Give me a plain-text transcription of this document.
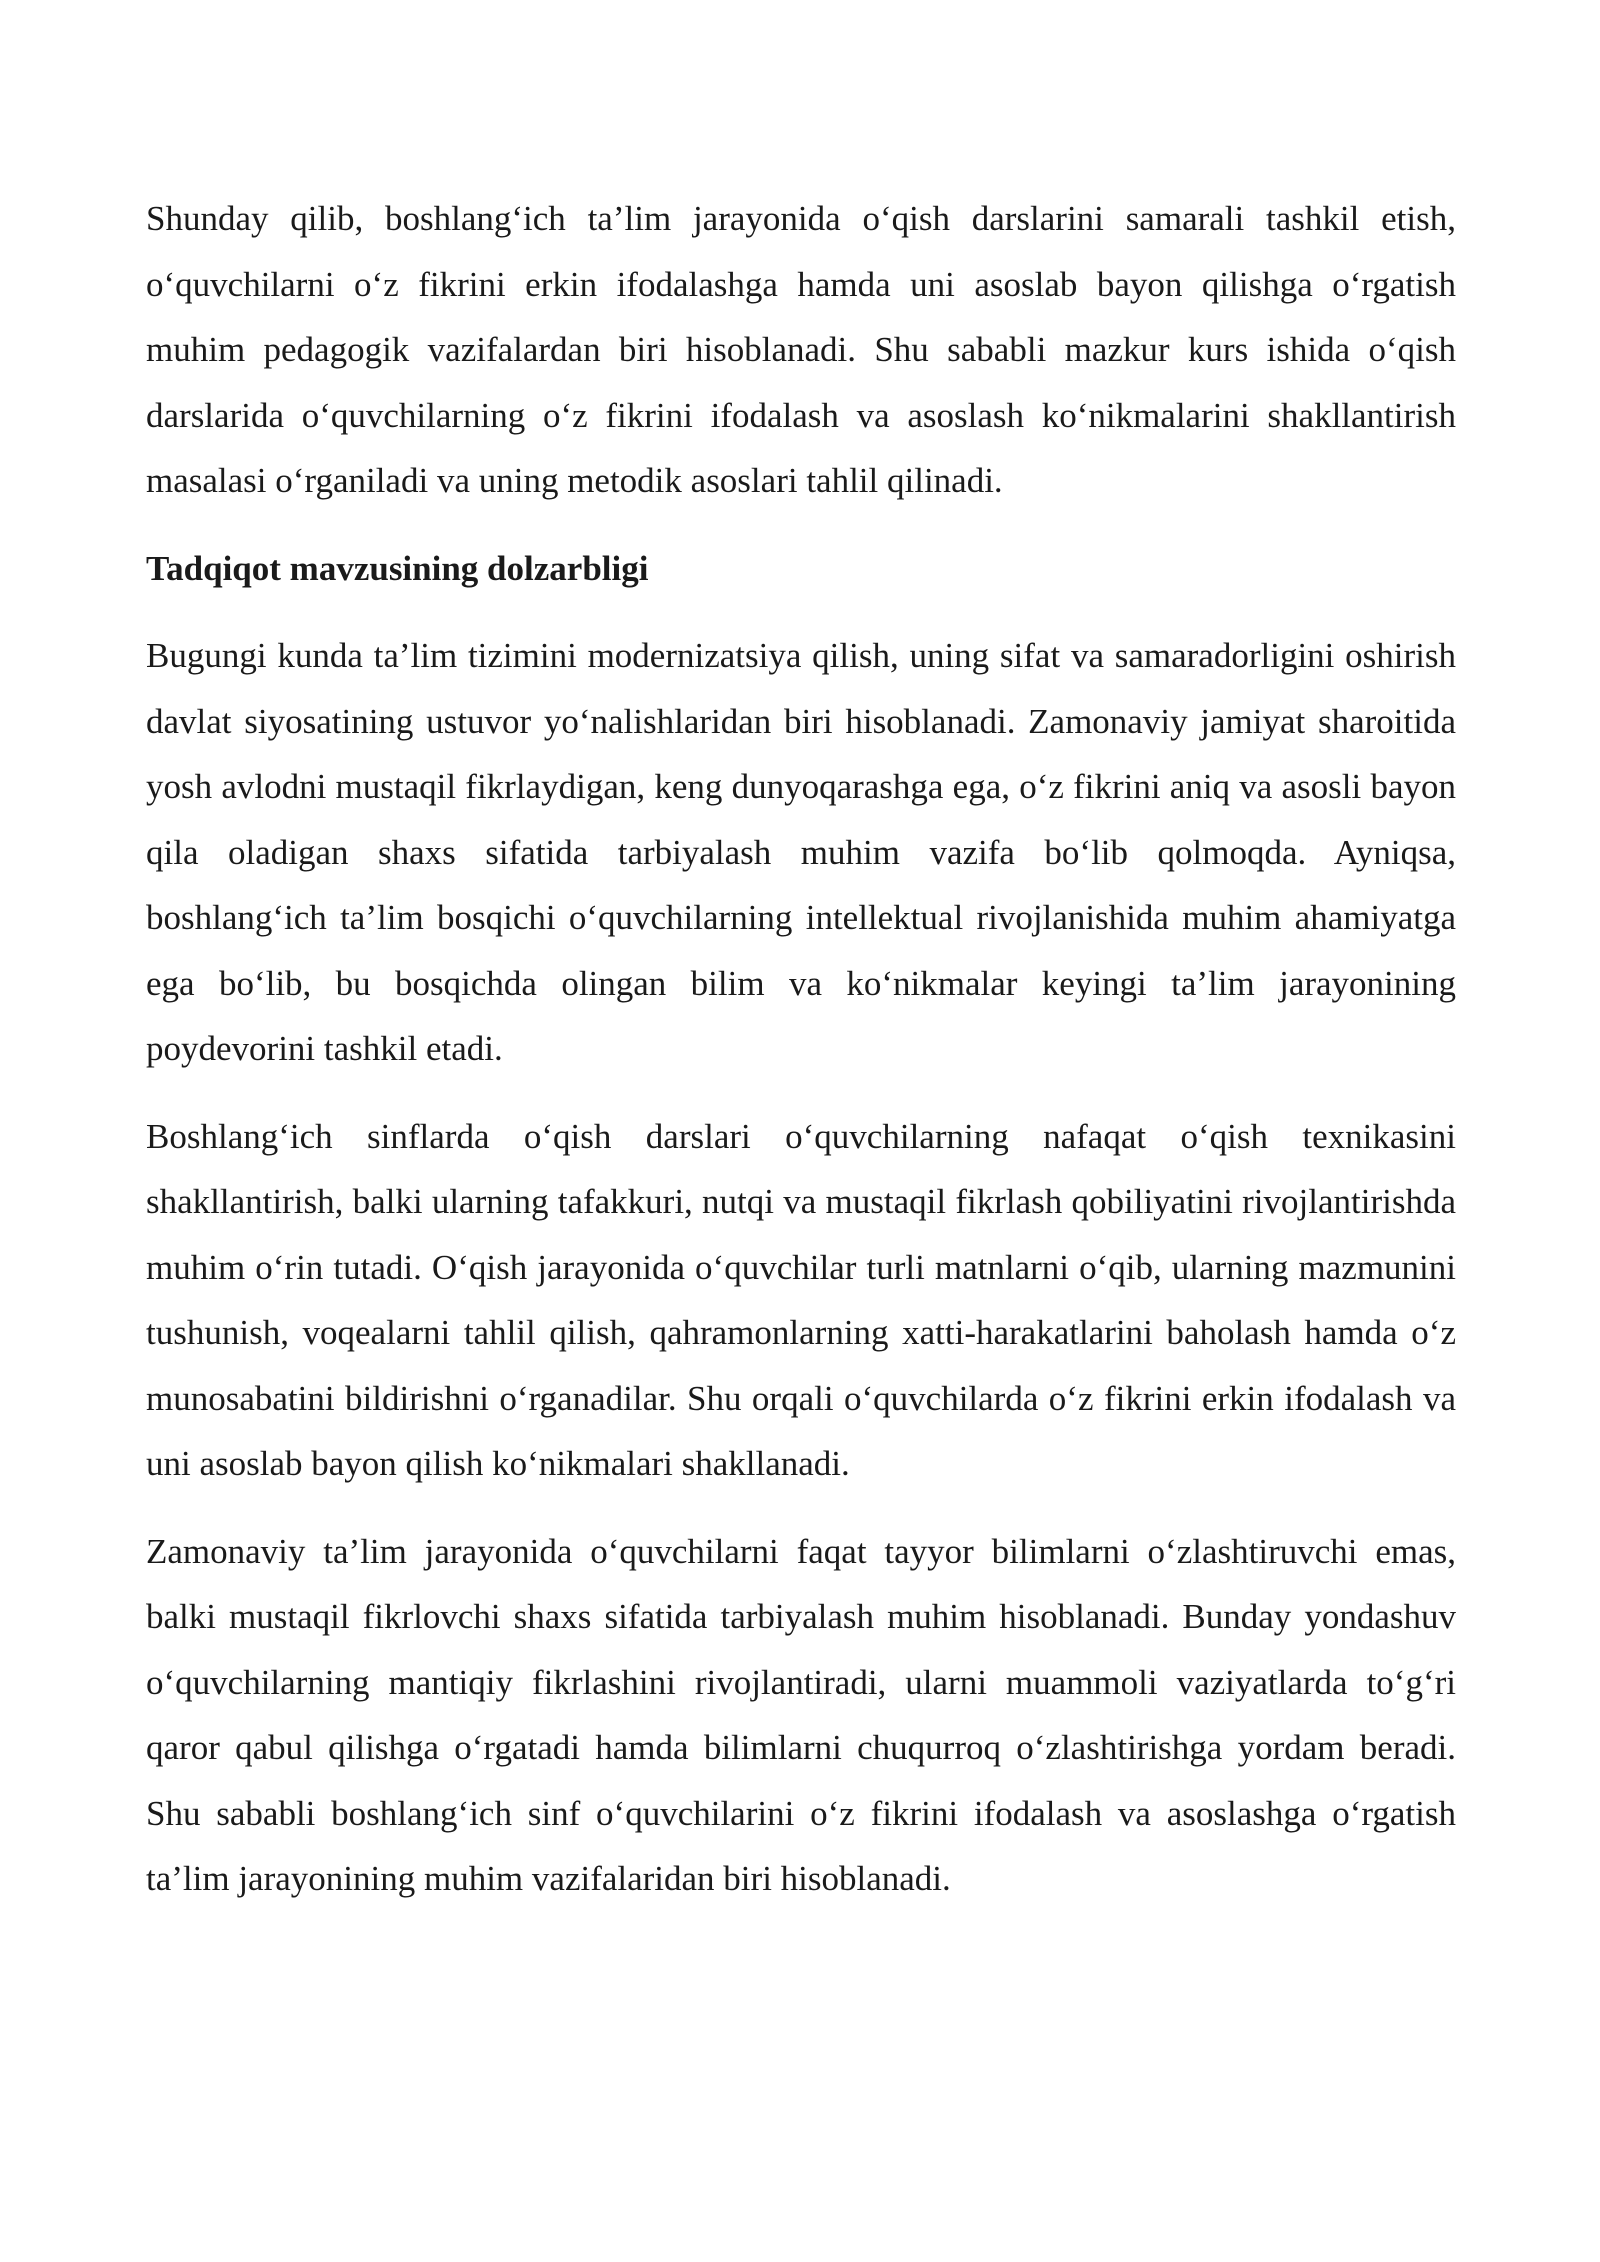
Shunday qilib, boshlang‘ich ta’lim jarayonida o‘qish darslarini samarali tashkil etish, o‘quvchilarni o‘z fikrini erkin ifodalashga hamda uni asoslab bayon qilishga o‘rgatish muhim pedagogik vazifalardan biri hisoblanadi. Shu sababli mazkur kurs ishida o‘qish darslarida o‘quvchilarning o‘z fikrini ifodalash va asoslash ko‘nikmalarini shakllantirish masalasi o‘rganiladi va uning metodik asoslari tahlil qilinadi.

Tadqiqot mavzusining dolzarbligi

Bugungi kunda ta’lim tizimini modernizatsiya qilish, uning sifat va samaradorligini oshirish davlat siyosatining ustuvor yo‘nalishlaridan biri hisoblanadi. Zamonaviy jamiyat sharoitida yosh avlodni mustaqil fikrlaydigan, keng dunyoqarashga ega, o‘z fikrini aniq va asosli bayon qila oladigan shaxs sifatida tarbiyalash muhim vazifa bo‘lib qolmoqda. Ayniqsa, boshlang‘ich ta’lim bosqichi o‘quvchilarning intellektual rivojlanishida muhim ahamiyatga ega bo‘lib, bu bosqichda olingan bilim va ko‘nikmalar keyingi ta’lim jarayonining poydevorini tashkil etadi.

Boshlang‘ich sinflarda o‘qish darslari o‘quvchilarning nafaqat o‘qish texnikasini shakllantirish, balki ularning tafakkuri, nutqi va mustaqil fikrlash qobiliyatini rivojlantirishda muhim o‘rin tutadi. O‘qish jarayonida o‘quvchilar turli matnlarni o‘qib, ularning mazmunini tushunish, voqealarni tahlil qilish, qahramonlarning xatti-harakatlarini baholash hamda o‘z munosabatini bildirishni o‘rganadilar. Shu orqali o‘quvchilarda o‘z fikrini erkin ifodalash va uni asoslab bayon qilish ko‘nikmalari shakllanadi.

Zamonaviy ta’lim jarayonida o‘quvchilarni faqat tayyor bilimlarni o‘zlashtiruvchi emas, balki mustaqil fikrlovchi shaxs sifatida tarbiyalash muhim hisoblanadi. Bunday yondashuv o‘quvchilarning mantiqiy fikrlashini rivojlantiradi, ularni muammoli vaziyatlarda to‘g‘ri qaror qabul qilishga o‘rgatadi hamda bilimlarni chuqurroq o‘zlashtirishga yordam beradi. Shu sababli boshlang‘ich sinf o‘quvchilarini o‘z fikrini ifodalash va asoslashga o‘rgatish ta’lim jarayonining muhim vazifalaridan biri hisoblanadi.
